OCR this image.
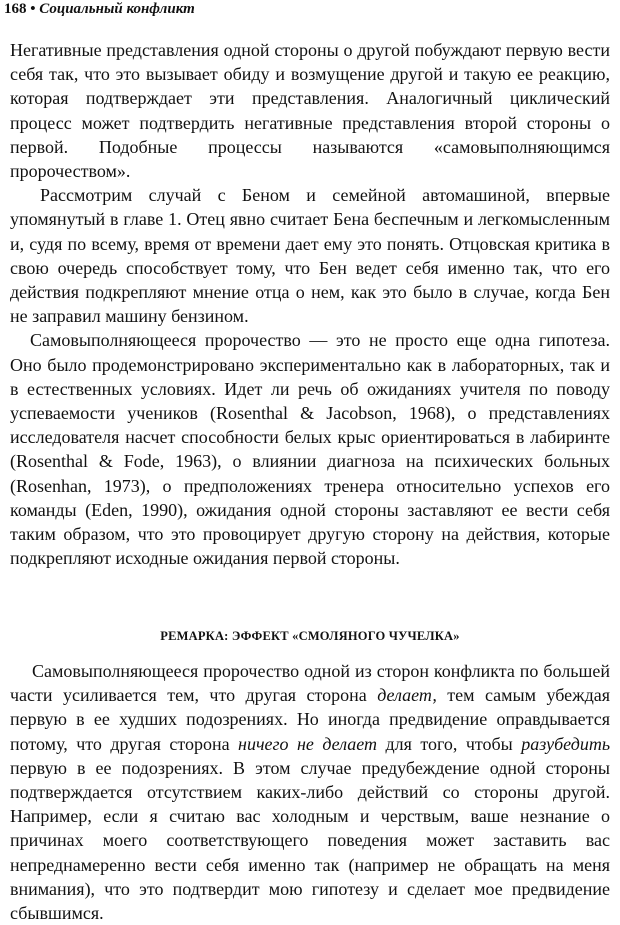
168 • Социальный конфликт

Негативные представления одной стороны о другой побуждают первую вести себя так, что это вызывает обиду и возмущение другой и такую ее реакцию, которая подтверждает эти представления. Аналогичный циклический процесс может подтвердить негативные представления второй стороны о первой. Подобные процессы называются «самовыполняющимся пророчеством».

Рассмотрим случай с Беном и семейной автомашиной, впервые упомянутый в главе 1. Отец явно считает Бена беспечным и легкомысленным и, судя по всему, время от времени дает ему это понять. Отцовская критика в свою очередь способствует тому, что Бен ведет себя именно так, что его действия подкрепляют мнение отца о нем, как это было в случае, когда Бен не заправил машину бензином.

Самовыполняющееся пророчество — это не просто еще одна гипотеза. Оно было продемонстрировано экспериментально как в лабораторных, так и в естественных условиях. Идет ли речь об ожиданиях учителя по поводу успеваемости учеников (Rosenthal & Jacobson, 1968), о представлениях исследователя насчет способности белых крыс ориентироваться в лабиринте (Rosenthal & Fode, 1963), о влиянии диагноза на психических больных (Rosenhan, 1973), о предположениях тренера относительно успехов его команды (Eden, 1990), ожидания одной стороны заставляют ее вести себя таким образом, что это провоцирует другую сторону на действия, которые подкрепляют исходные ожидания первой стороны.

РЕМАРКА: ЭФФЕКТ «СМОЛЯНОГО ЧУЧЕЛКА»

Самовыполняющееся пророчество одной из сторон конфликта по большей части усиливается тем, что другая сторона делает, тем самым убеждая первую в ее худших подозрениях. Но иногда предвидение оправдывается потому, что другая сторона ничего не делает для того, чтобы разубедить первую в ее подозрениях. В этом случае предубеждение одной стороны подтверждается отсутствием каких-либо действий со стороны другой. Например, если я считаю вас холодным и черствым, ваше незнание о причинах моего соответствующего поведения может заставить вас непреднамеренно вести себя именно так (например не обращать на меня внимания), что это подтвердит мою гипотезу и сделает мое предвидение сбывшимся.
